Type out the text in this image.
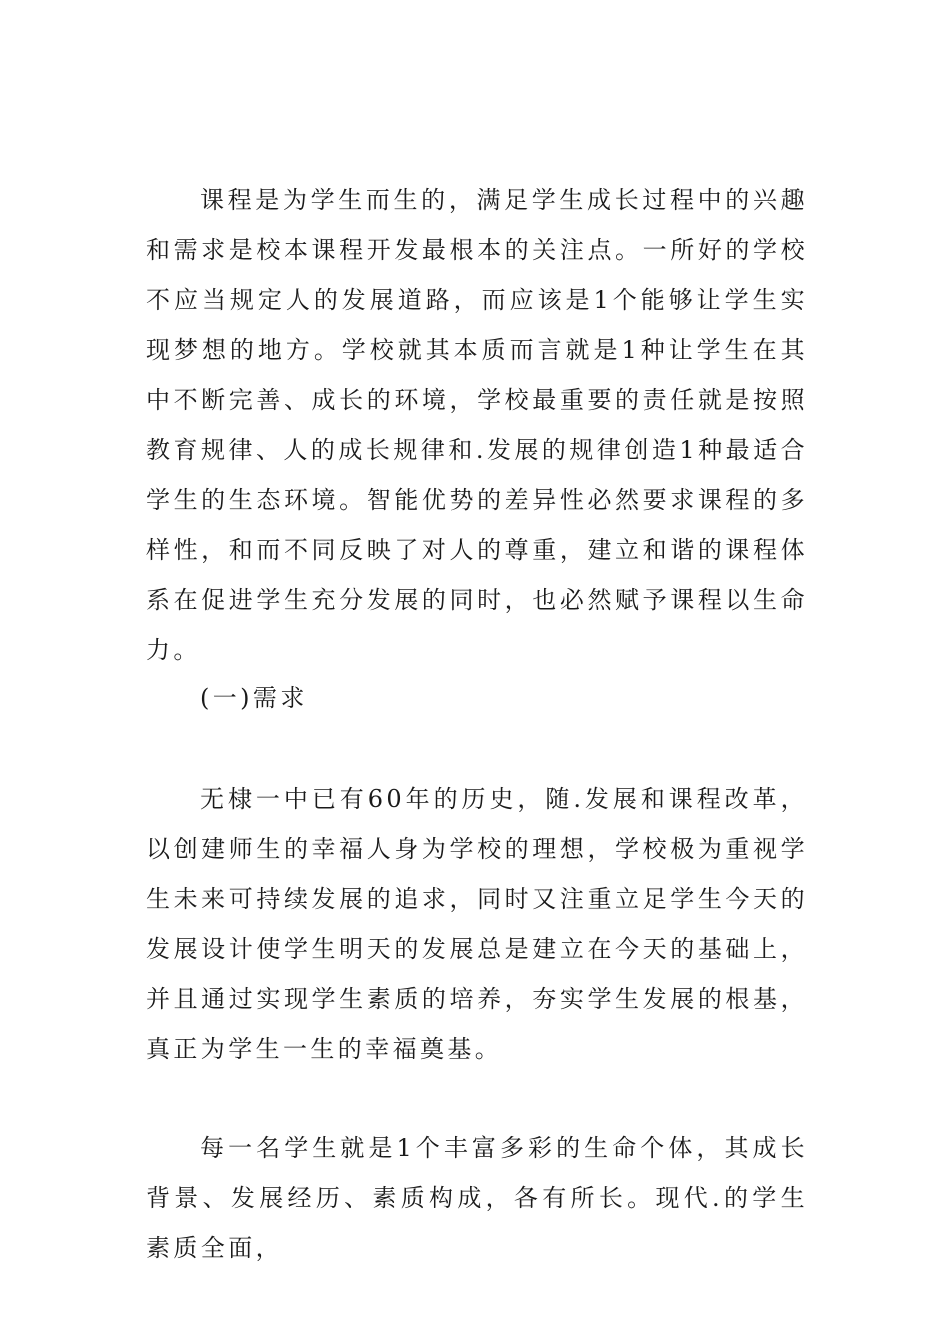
课程是为学生而生的，满足学生成长过程中的兴趣和需求是校本课程开发最根本的关注点。一所好的学校不应当规定人的发展道路，而应该是1个能够让学生实现梦想的地方。学校就其本质而言就是1种让学生在其中不断完善、成长的环境，学校最重要的责任就是按照教育规律、人的成长规律和.发展的规律创造1种最适合学生的生态环境。智能优势的差异性必然要求课程的多样性，和而不同反映了对人的尊重，建立和谐的课程体系在促进学生充分发展的同时，也必然赋予课程以生命力。

(一)需求

无棣一中已有60年的历史，随.发展和课程改革，以创建师生的幸福人身为学校的理想，学校极为重视学生未来可持续发展的追求，同时又注重立足学生今天的发展设计使学生明天的发展总是建立在今天的基础上，并且通过实现学生素质的培养，夯实学生发展的根基，真正为学生一生的幸福奠基。

每一名学生就是1个丰富多彩的生命个体，其成长背景、发展经历、素质构成，各有所长。现代.的学生素质全面，
